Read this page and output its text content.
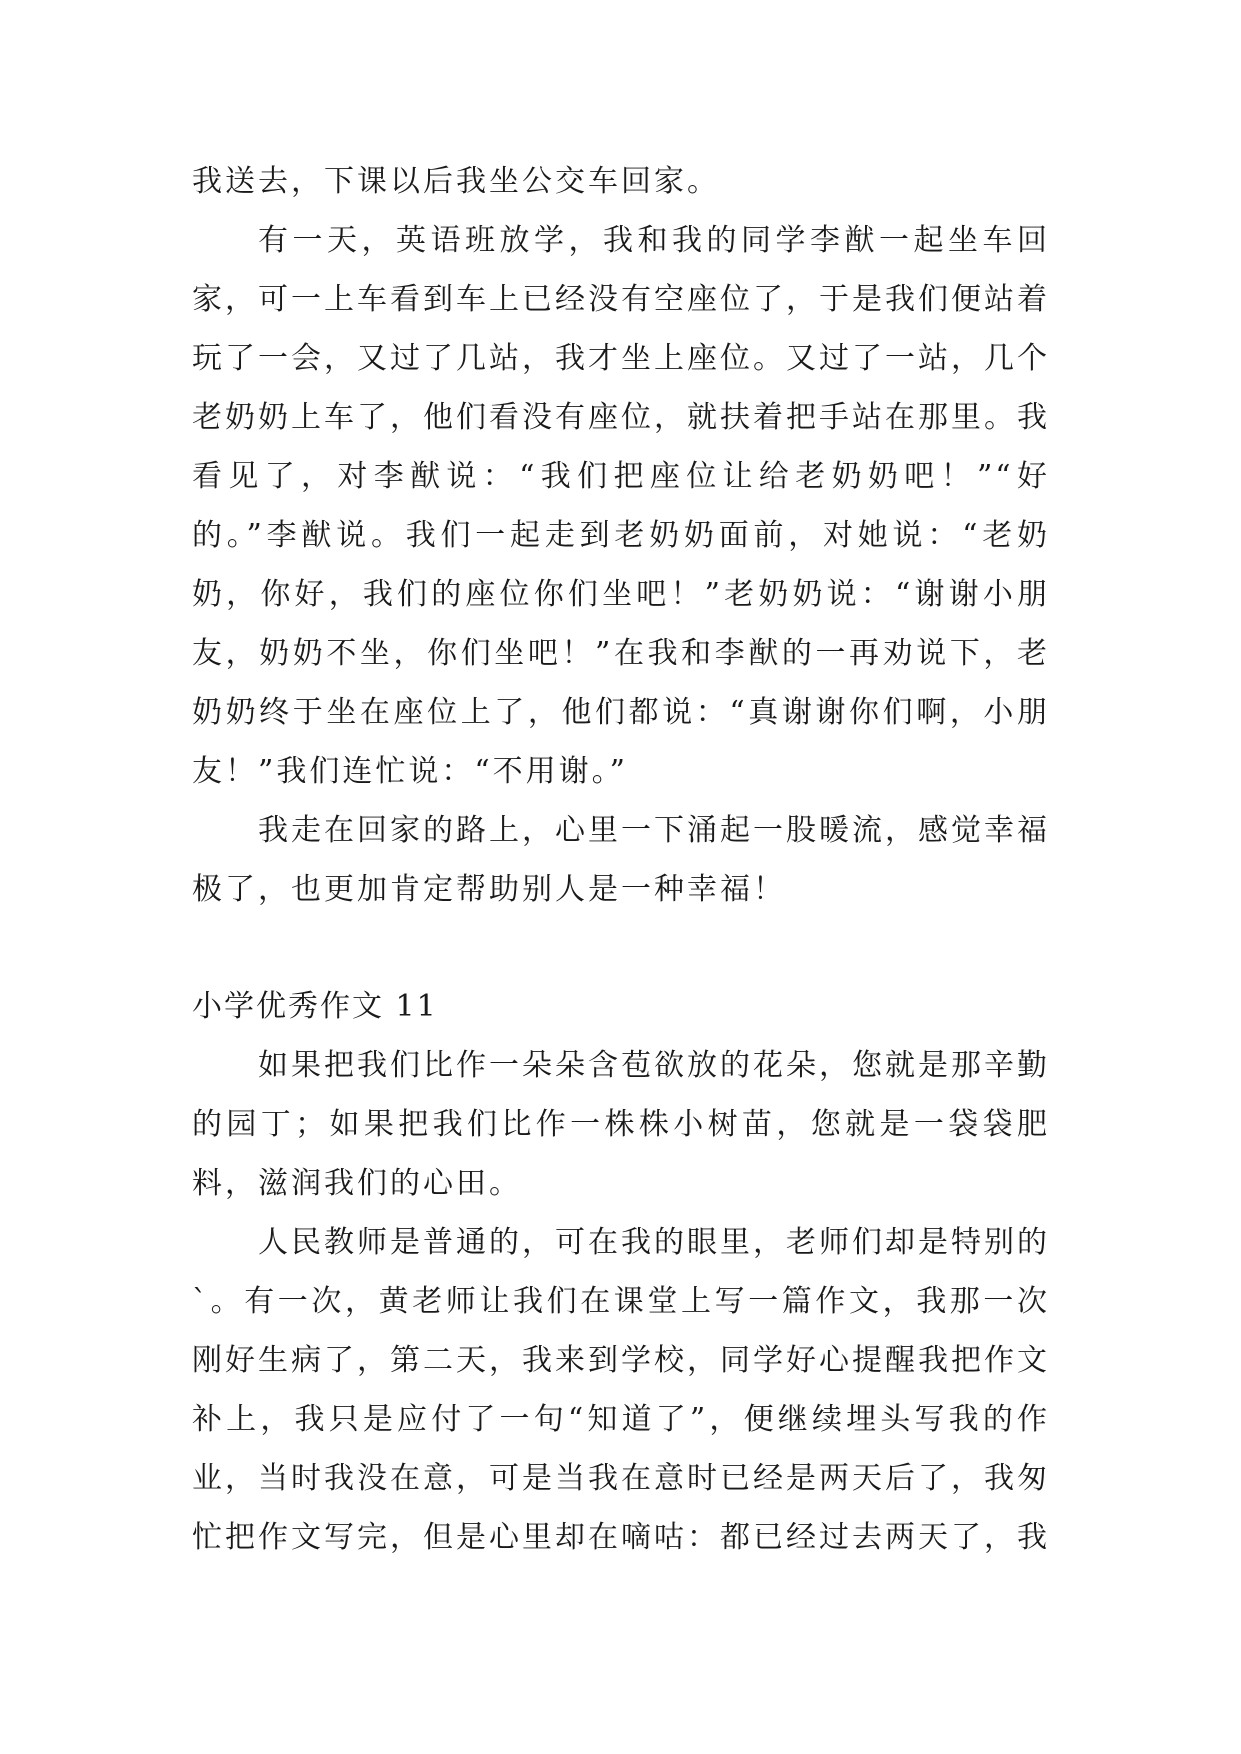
我送去，下课以后我坐公交车回家。

有一天，英语班放学，我和我的同学李猷一起坐车回家，可一上车看到车上已经没有空座位了，于是我们便站着玩了一会，又过了几站，我才坐上座位。又过了一站，几个老奶奶上车了，他们看没有座位，就扶着把手站在那里。我看见了，对李猷说：“我们把座位让给老奶奶吧！”“好的。”李猷说。我们一起走到老奶奶面前，对她说：“老奶奶，你好，我们的座位你们坐吧！”老奶奶说：“谢谢小朋友，奶奶不坐，你们坐吧！”在我和李猷的一再劝说下，老奶奶终于坐在座位上了，他们都说：“真谢谢你们啊，小朋友！”我们连忙说：“不用谢。”

我走在回家的路上，心里一下涌起一股暖流，感觉幸福极了，也更加肯定帮助别人是一种幸福！

小学优秀作文 11

如果把我们比作一朵朵含苞欲放的花朵，您就是那辛勤的园丁；如果把我们比作一株株小树苗，您就是一袋袋肥料，滋润我们的心田。

人民教师是普通的，可在我的眼里，老师们却是特别的`。有一次，黄老师让我们在课堂上写一篇作文，我那一次刚好生病了，第二天，我来到学校，同学好心提醒我把作文补上，我只是应付了一句“知道了”，便继续埋头写我的作业，当时我没在意，可是当我在意时已经是两天后了，我匆忙把作文写完，但是心里却在嘀咕：都已经过去两天了，我
